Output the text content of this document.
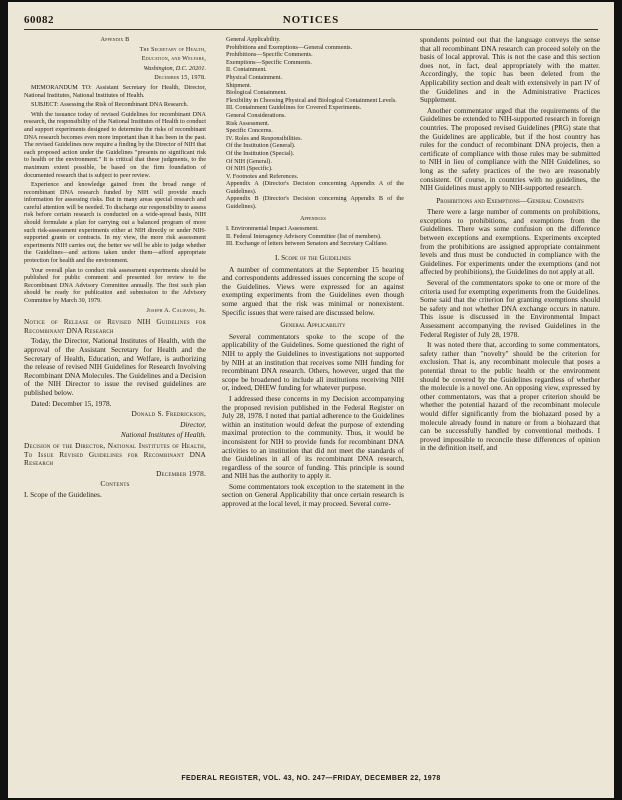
60082	NOTICES

Appendix B

The Secretary of Health,

Education, and Welfare,

Washington, D.C. 20201.

December 15, 1978.

MEMORANDUM TO: Assistant Secretary for Health, Director, National Institutes, National Institutes of Health.

SUBJECT: Assessing the Risk of Recombinant DNA Research.

With the issuance today of revised Guidelines for recombinant DNA research, the responsibility of the National Institutes of Health to conduct and support experiments designed to determine the risks of recombinant DNA research becomes even more important than it has been in the past. The revised Guidelines now require a finding by the Director of NIH that each proposed action under the Guidelines "presents no significant risk to health or the environment." It is critical that these judgments, to the maximum extent possible, be based on the firm foundation of documented research that is subject to peer review.

Experience and knowledge gained from the broad range of recombinant DNA research funded by NIH will provide much information for assessing risks. But in many areas special research and careful attention will be needed. To discharge our responsibility to assess risk before certain research is conducted on a wide-spread basis, NIH should formulate a plan for carrying out a balanced program of more such risk-assessment experiments either at NIH directly or under NIH-supported grants or contracts. In my view, the more risk assessment experiments NIH carries out, the better we will be able to judge whether the Guidelines—and actions taken under them—afford appropriate protection for health and the environment.

Your overall plan to conduct risk assessment experiments should be published for public comment and presented for review to the Recombinant DNA Advisory Committee annually. The first such plan should be ready for publication and submission to the Advisory Committee by March 30, 1979.

Joseph A. Califano, Jr.

Notice of Release of Revised NIH Guidelines for Recombinant DNA Research

Today, the Director, National Institutes of Health, with the approval of the Assistant Secretary for Health and the Secretary of Health, Education, and Welfare, is authorizing the release of revised NIH Guidelines for Research Involving Recombinant DNA Molecules. The Guidelines and a Decision of the NIH Director to issue the revised guidelines are published below.

Dated: December 15, 1978.

Donald S. Fredrickson,

Director,

National Institutes of Health.

Decision of the Director, National Institutes of Health, To Issue Revised Guidelines for Recombinant DNA Research

December 1978.

Contents

I. Scope of the Guidelines.

General Applicability.

Prohibitions and Exemptions—General comments.

Prohibitions—Specific Comments.

Exemptions—Specific Comments.

II. Containment.

Physical Containment.

Shipment.

Biological Containment.

Flexibility in Choosing Physical and Biological Containment Levels.

III. Containment Guidelines for Covered Experiments.

General Considerations.

Risk Assessment.

Specific Concerns.

IV. Roles and Responsibilities.

Of the Institution (General).

Of the Institution (Special).

Of NIH (General).

Of NIH (Specific).

V. Footnotes and References.

Appendix A (Director's Decision concerning Appendix A of the Guidelines).

Appendix B (Director's Decision concerning Appendix B of the Guidelines).

Appendices

I. Environmental Impact Assessment.

II. Federal Interagency Advisory Committee (list of members).

III. Exchange of letters between Senators and Secretary Califano.

I. Scope of the Guidelines

A number of commentators at the September 15 hearing and correspondents addressed issues concerning the scope of the Guidelines. Views were expressed for an against exempting experiments from the Guidelines even though some argued that the risk was minimal or nonexistent. Specific issues that were raised are discussed below.

General Applicability

Several commentators spoke to the scope of the applicability of the Guidelines. Some questioned the right of NIH to apply the Guidelines to investigations not supported by NIH at an institution that receives some NIH funding for recombinant DNA research. Others, however, urged that the scope be broadened to include all institutions receiving NIH or, indeed, DHEW funding for whatever purpose.

I addressed these concerns in my Decision accompanying the proposed revision published in the Federal Register on July 28, 1978. I noted that partial adherence to the Guidelines within an institution would defeat the purpose of extending maximal protection to the community. Thus, it would be inconsistent for NIH to provide funds for recombinant DNA activities to an institution that did not meet the standards of the Guidelines in all of its recombinant DNA research, regardless of the source of funding. This principle is sound and NIH has the authority to apply it.

Some commentators took exception to the statement in the section on General Applicability that once certain research is approved at the local level, it may proceed. Several corre-

spondents pointed out that the language conveys the sense that all recombinant DNA research can proceed solely on the basis of local approval. This is not the case and this section does not, in fact, deal appropriately with the matter. Accordingly, the topic has been deleted from the Applicability section and dealt with extensively in part IV of the Guidelines and in the Administrative Practices Supplement.

Another commentator urged that the requirements of the Guidelines be extended to NIH-supported research in foreign countries. The proposed revised Guidelines (PRG) state that the Guidelines are applicable, but if the host country has rules for the conduct of recombinant DNA projects, then a certificate of compliance with those rules may be submitted to NIH in lieu of compliance with the NIH Guidelines, so long as the safety practices of the two are reasonably consistent. Of course, in countries with no guidelines, the NIH Guidelines must apply to NIH-supported research.

Prohibitions and Exemptions—General Comments

There were a large number of comments on prohibitions, exceptions to prohibitions, and exemptions from the Guidelines. There was some confusion on the difference between exceptions and exemptions. Experiments excepted from the prohibitions are assigned appropriate containment levels and thus must be conducted in compliance with the Guidelines. For experiments under the exemptions (and not affected by prohibitions), the Guidelines do not apply at all.

Several of the commentators spoke to one or more of the criteria used for exempting experiments from the Guidelines. Some said that the criterion for granting exemptions should be safety and not whether DNA exchange occurs in nature. This issue is discussed in the Environmental Impact Assessment accompanying the revised Guidelines in the Federal Register of July 28, 1978.

It was noted there that, according to some commentators, safety rather than "novelty" should be the criterion for exclusion. That is, any recombinant molecule that poses a potential threat to the public health or the environment should be covered by the Guidelines regardless of whether the molecule is a novel one. An opposing view, expressed by other commentators, was that a proper criterion should be whether the potential hazard of the recombinant molecule would differ significantly from the biohazard posed by a molecule already found in nature or from a biohazard that can be successfully handled by conventional methods. I proved impossible to reconcile these differences of opinion in the definition itself, and

FEDERAL REGISTER, VOL. 43, NO. 247—FRIDAY, DECEMBER 22, 1978
